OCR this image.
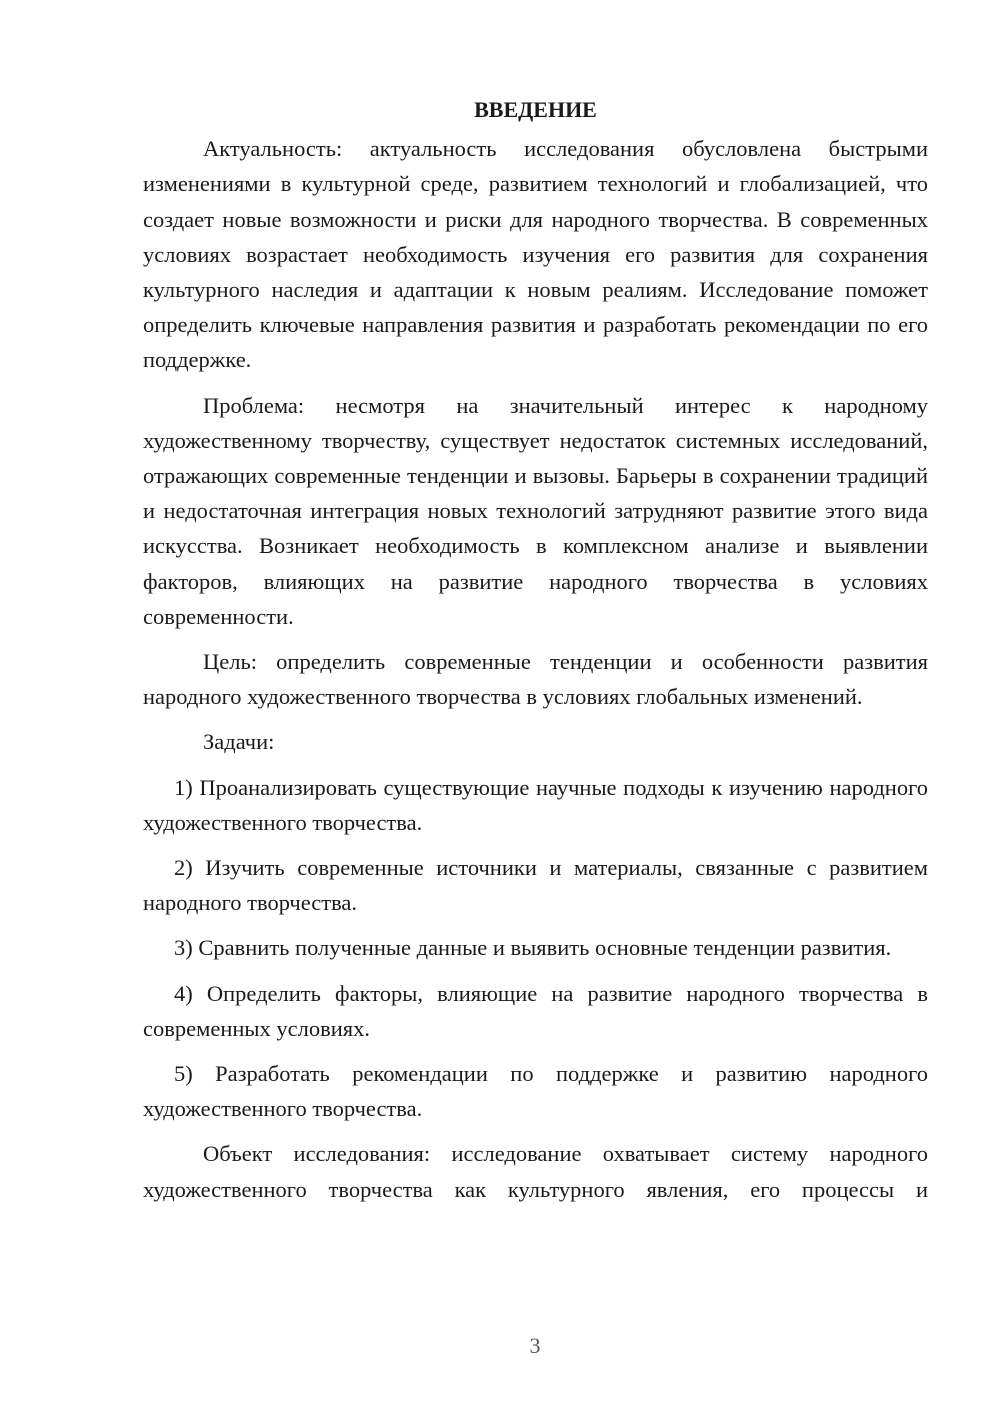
ВВЕДЕНИЕ

Актуальность: актуальность исследования обусловлена быстрыми изменениями в культурной среде, развитием технологий и глобализацией, что создает новые возможности и риски для народного творчества. В современных условиях возрастает необходимость изучения его развития для сохранения культурного наследия и адаптации к новым реалиям. Исследование поможет определить ключевые направления развития и разработать рекомендации по его поддержке.

Проблема: несмотря на значительный интерес к народному художественному творчеству, существует недостаток системных исследований, отражающих современные тенденции и вызовы. Барьеры в сохранении традиций и недостаточная интеграция новых технологий затрудняют развитие этого вида искусства. Возникает необходимость в комплексном анализе и выявлении факторов, влияющих на развитие народного творчества в условиях современности.

Цель: определить современные тенденции и особенности развития народного художественного творчества в условиях глобальных изменений.

Задачи:

1) Проанализировать существующие научные подходы к изучению народного художественного творчества.

2) Изучить современные источники и материалы, связанные с развитием народного творчества.

3) Сравнить полученные данные и выявить основные тенденции развития.

4) Определить факторы, влияющие на развитие народного творчества в современных условиях.

5) Разработать рекомендации по поддержке и развитию народного художественного творчества.

Объект исследования: исследование охватывает систему народного художественного творчества как культурного явления, его процессы и

3
